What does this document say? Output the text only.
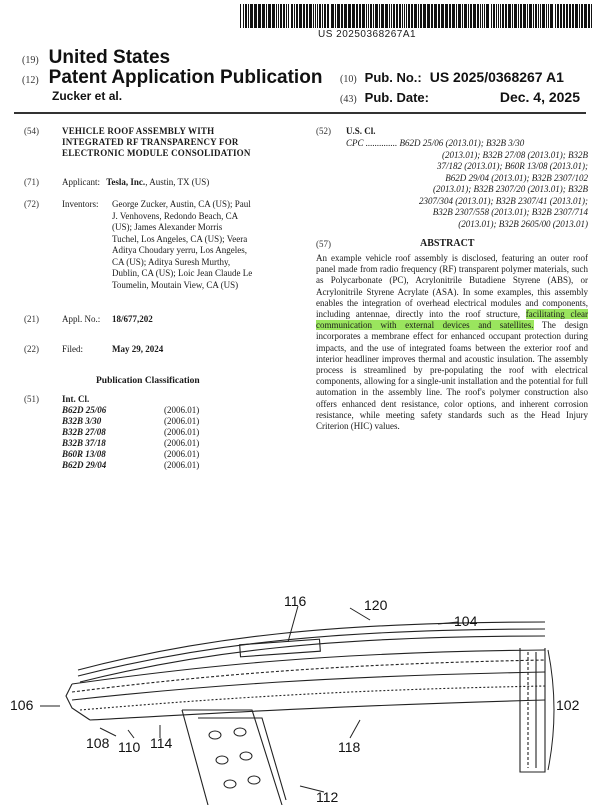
US 20250368267A1
(19) United States
(12) Patent Application Publication
Zucker et al.
(10) Pub. No.: US 2025/0368267 A1
(43) Pub. Date:	Dec. 4, 2025
(54)	VEHICLE ROOF ASSEMBLY WITH
INTEGRATED RF TRANSPARENCY FOR
ELECTRONIC MODULE CONSOLIDATION
(71)	Applicant: Tesla, Inc., Austin, TX (US)
(72)	Inventors: George Zucker, Austin, CA (US); Paul
J. Venhovens, Redondo Beach, CA
(US); James Alexander Morris
Tuchel, Los Angeles, CA (US); Veera
Aditya Choudary yerru, Los Angeles,
CA (US); Aditya Suresh Murthy,
Dublin, CA (US); Loic Jean Claude Le
Toumelin, Moutain View, CA (US)
(21)	Appl. No.: 18/677,202
(22)	Filed:	May 29, 2024
Publication Classification
(51)	Int. Cl.
B62D 25/06	(2006.01)
B32B 3/30	(2006.01)
B32B 27/08	(2006.01)
B32B 37/18	(2006.01)
B60R 13/08	(2006.01)
B62D 29/04	(2006.01)
(52) U.S. Cl.
CPC .............. B62D 25/06 (2013.01); B32B 3/30
(2013.01); B32B 27/08 (2013.01); B32B
37/182 (2013.01); B60R 13/08 (2013.01);
B62D 29/04 (2013.01); B32B 2307/102
(2013.01); B32B 2307/20 (2013.01); B32B
2307/304 (2013.01); B32B 2307/41 (2013.01);
B32B 2307/558 (2013.01); B32B 2307/714
(2013.01); B32B 2605/00 (2013.01)
(57)	ABSTRACT
An example vehicle roof assembly is disclosed, featuring an outer roof panel made from radio frequency (RF) transparent polymer materials, such as Polycarbonate (PC), Acrylonitrile Butadiene Styrene (ABS), or Acrylonitrile Styrene Acrylate (ASA). In some examples, this assembly enables the integration of overhead electrical modules and components, including antennae, directly into the roof structure, facilitating clear communication with external devices and satellites. The design incorporates a membrane effect for enhanced occupant protection during impacts, and the use of integrated foams between the exterior roof and interior headliner improves thermal and acoustic insulation. The assembly process is streamlined by pre-populating the roof with electrical components, allowing for a single-unit installation and the potential for full automation in the assembly line. The roof's polymer construction also offers enhanced dent resistance, color options, and inherent corrosion resistance, while meeting safety standards such as the Head Injury Criterion (HIC) values.
120
116
104
106	102
108 110 114	118
112
